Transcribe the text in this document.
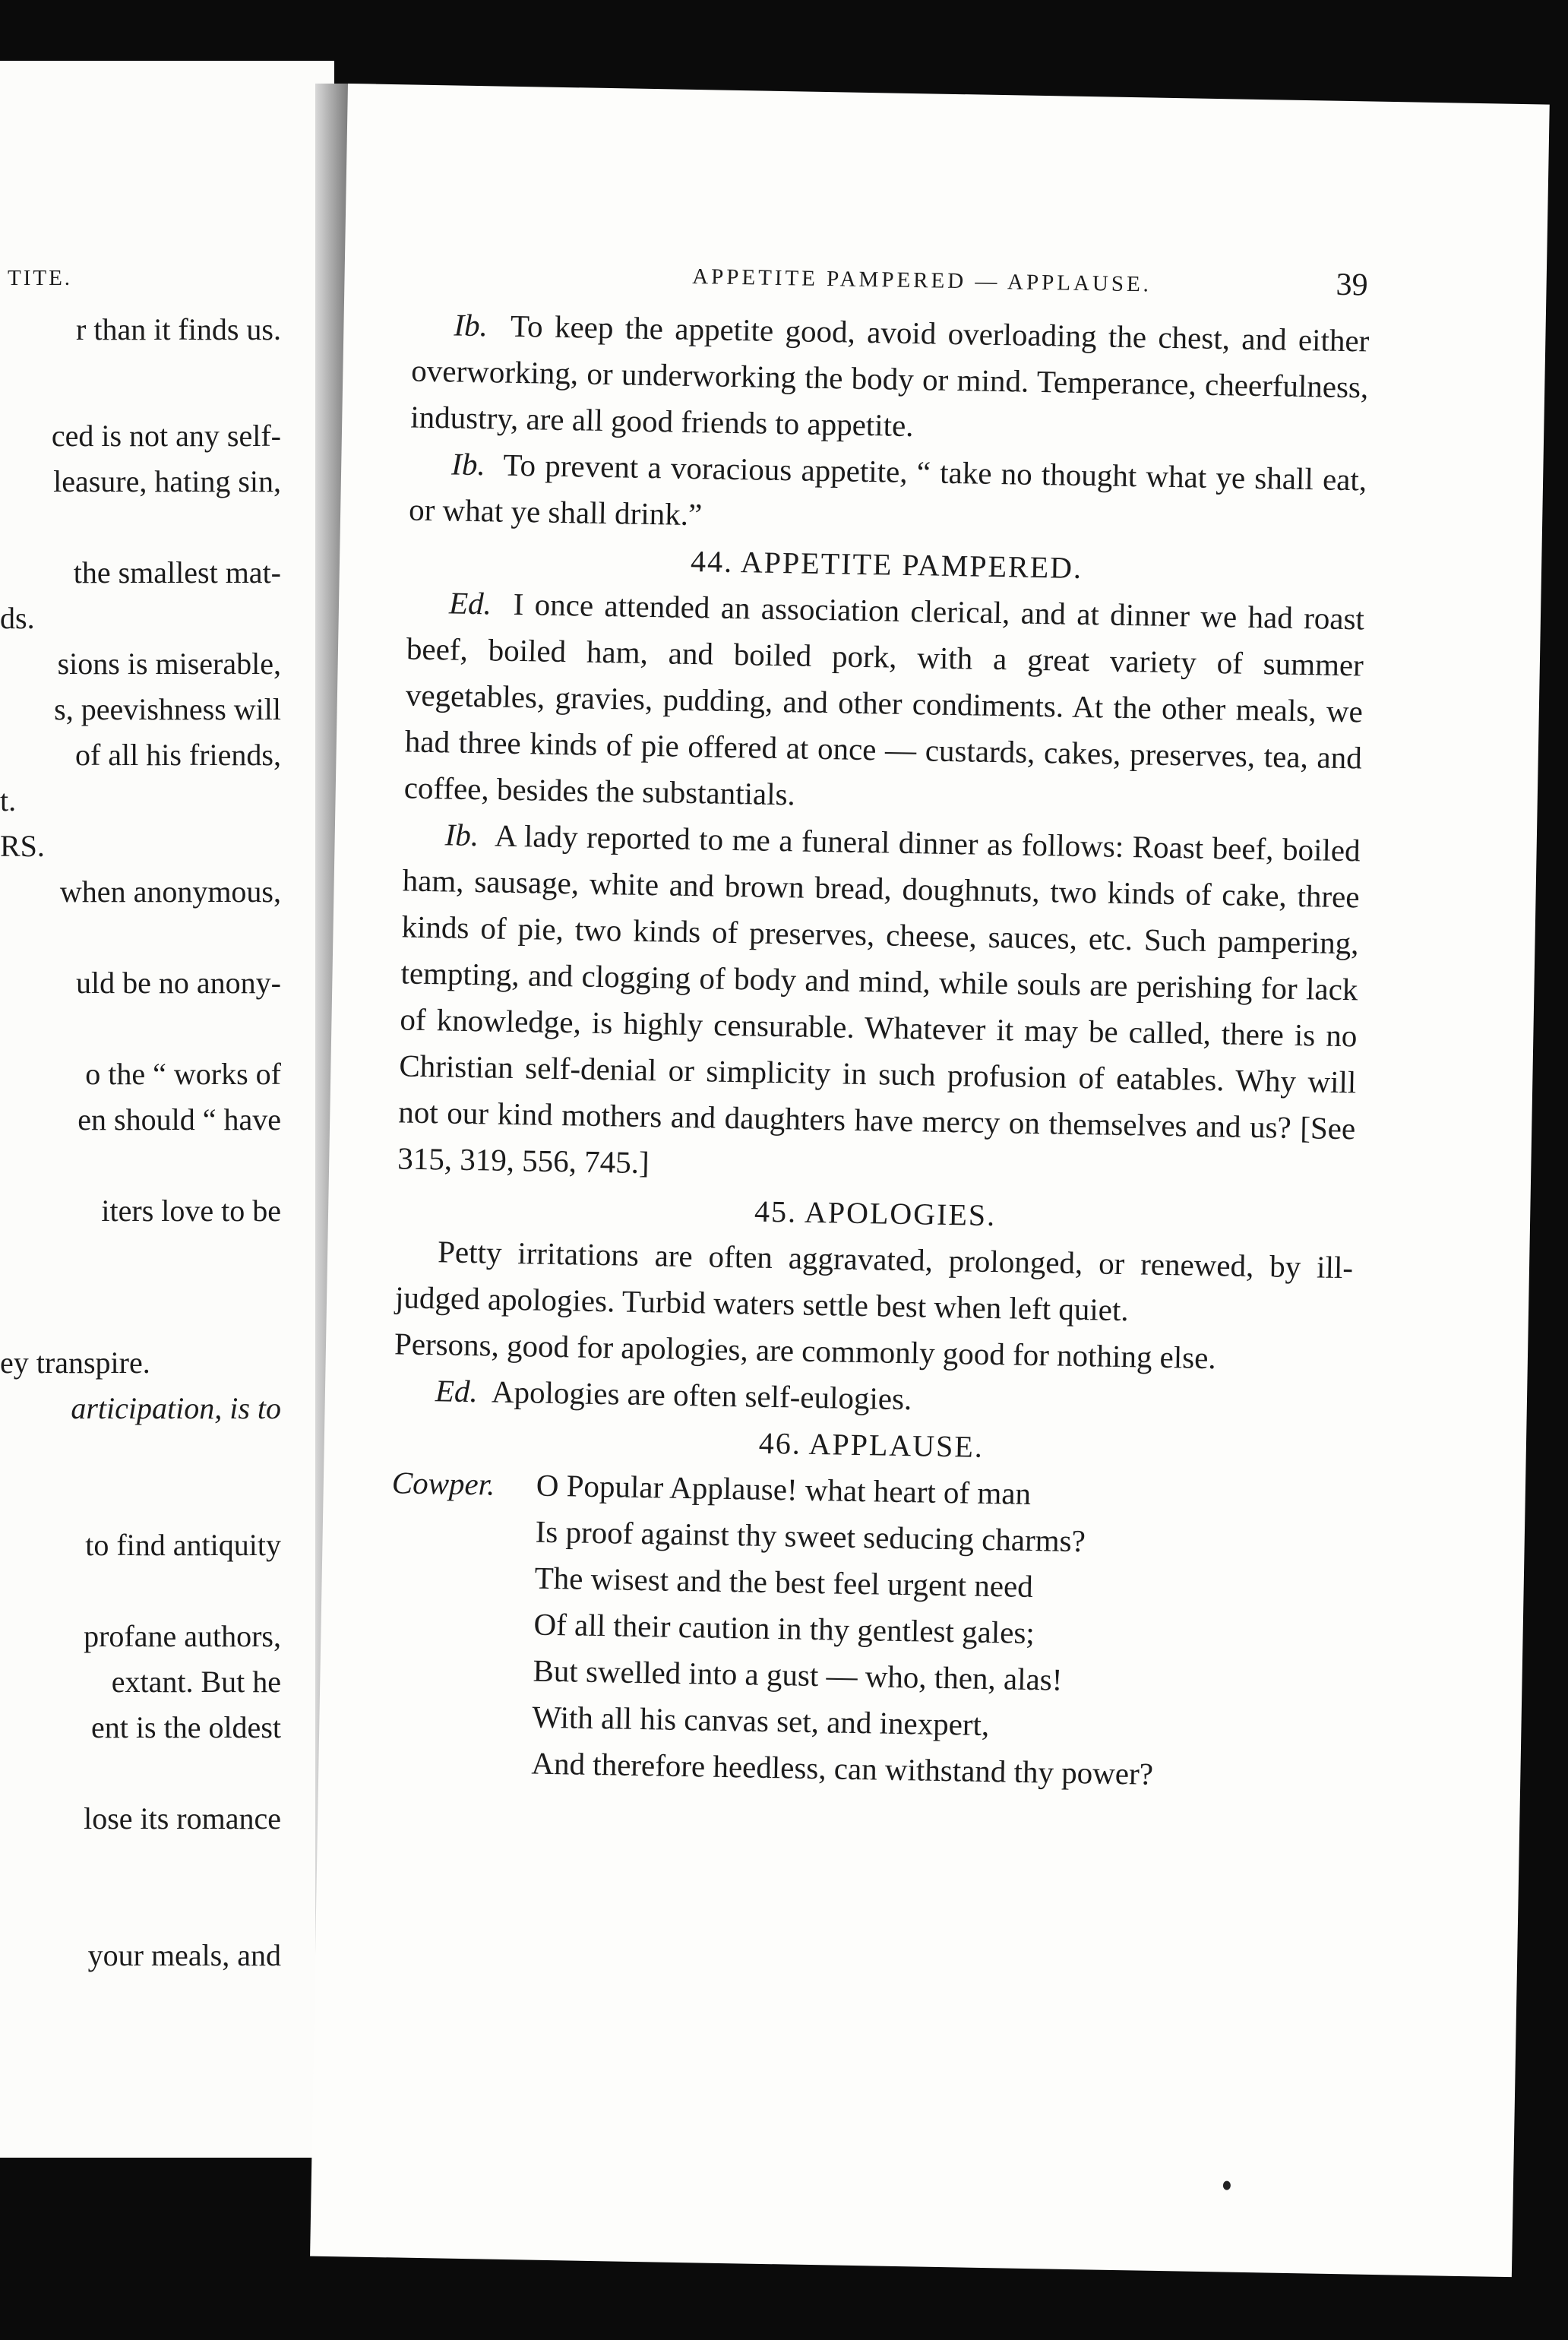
TITE.
r than it finds us.
ced is not any self-
leasure, hating sin,
the smallest mat-
ds.
sions is miserable,
s, peevishness will
of all his friends,
t.
RS.
when anonymous,
uld be no anony-
o the “ works of
en should “ have
iters love to be
ey transpire.
articipation, is to
to find antiquity
profane authors,
extant. But he
ent is the oldest
lose its romance
your meals, and
APPETITE PAMPERED — APPLAUSE.	39

Ib. To keep the appetite good, avoid overloading the chest, and either overworking, or underworking the body or mind. Temperance, cheerfulness, industry, are all good friends to appetite.

Ib. To prevent a voracious appetite, “ take no thought what ye shall eat, or what ye shall drink.”

44. APPETITE PAMPERED.

Ed. I once attended an association clerical, and at dinner we had roast beef, boiled ham, and boiled pork, with a great variety of summer vegetables, gravies, pudding, and other condiments. At the other meals, we had three kinds of pie offered at once — custards, cakes, preserves, tea, and coffee, besides the substantials.

Ib. A lady reported to me a funeral dinner as follows: Roast beef, boiled ham, sausage, white and brown bread, doughnuts, two kinds of cake, three kinds of pie, two kinds of preserves, cheese, sauces, etc. Such pampering, tempting, and clogging of body and mind, while souls are perishing for lack of knowledge, is highly censurable. Whatever it may be called, there is no Christian self-denial or simplicity in such profusion of eatables. Why will not our kind mothers and daughters have mercy on themselves and us? [See 315, 319, 556, 745.]

45. APOLOGIES.

Petty irritations are often aggravated, prolonged, or renewed, by ill-judged apologies. Turbid waters settle best when left quiet.

Persons, good for apologies, are commonly good for nothing else.

Ed. Apologies are often self-eulogies.

46. APPLAUSE.
Cowper.	O Popular Applause! what heart of man
Is proof against thy sweet seducing charms?
The wisest and the best feel urgent need
Of all their caution in thy gentlest gales;
But swelled into a gust — who, then, alas!
With all his canvas set, and inexpert,
And therefore heedless, can withstand thy power?
